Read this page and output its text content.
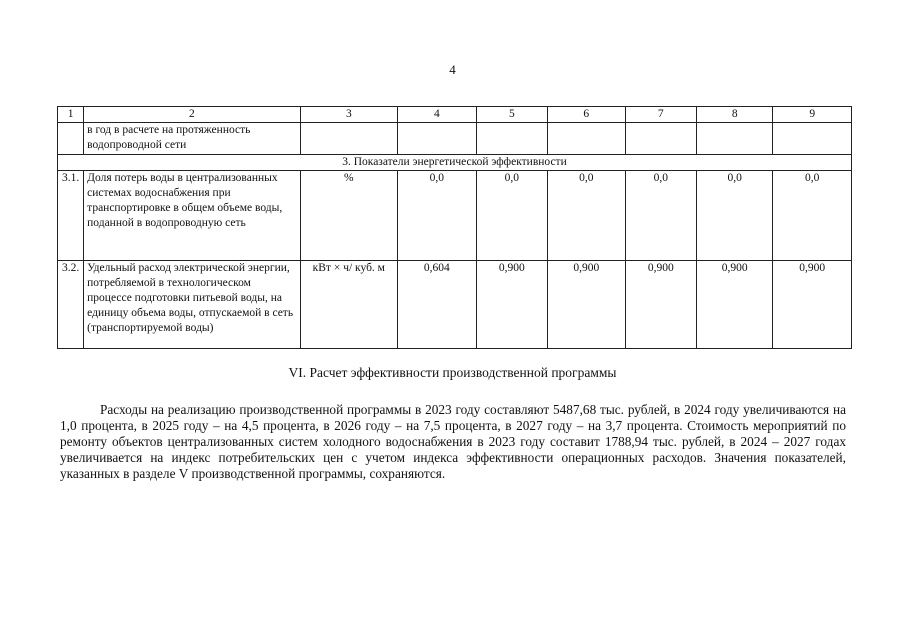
4
1	2	3	4	5	6	7	8	9
	в год в расчете на протяженность водопроводной сети							
3. Показатели энергетической эффективности								
3.1.	Доля потерь воды в централизованных системах водоснабжения при транспортировке в общем объеме воды, поданной в водопроводную сеть	%	0,0	0,0	0,0	0,0	0,0	0,0
3.2.	Удельный расход электрической энергии, потребляемой в технологическом процессе подготовки питьевой воды, на единицу объема воды, отпускаемой в сеть (транспортируемой воды)	кВт × ч/ куб. м	0,604	0,900	0,900	0,900	0,900	0,900
VI. Расчет эффективности производственной программы
Расходы на реализацию производственной программы в 2023 году составляют 5487,68 тыс. рублей, в 2024 году увеличиваются на 1,0 процента, в 2025 году – на 4,5 процента, в 2026 году – на 7,5 процента, в 2027 году – на 3,7 процента. Стоимость мероприятий по ремонту объектов централизованных систем холодного водоснабжения в 2023 году составит 1788,94 тыс. рублей, в 2024 – 2027 годах увеличивается на индекс потребительских цен с учетом индекса эффективности операционных расходов. Значения показателей, указанных в разделе V производственной программы, сохраняются.
